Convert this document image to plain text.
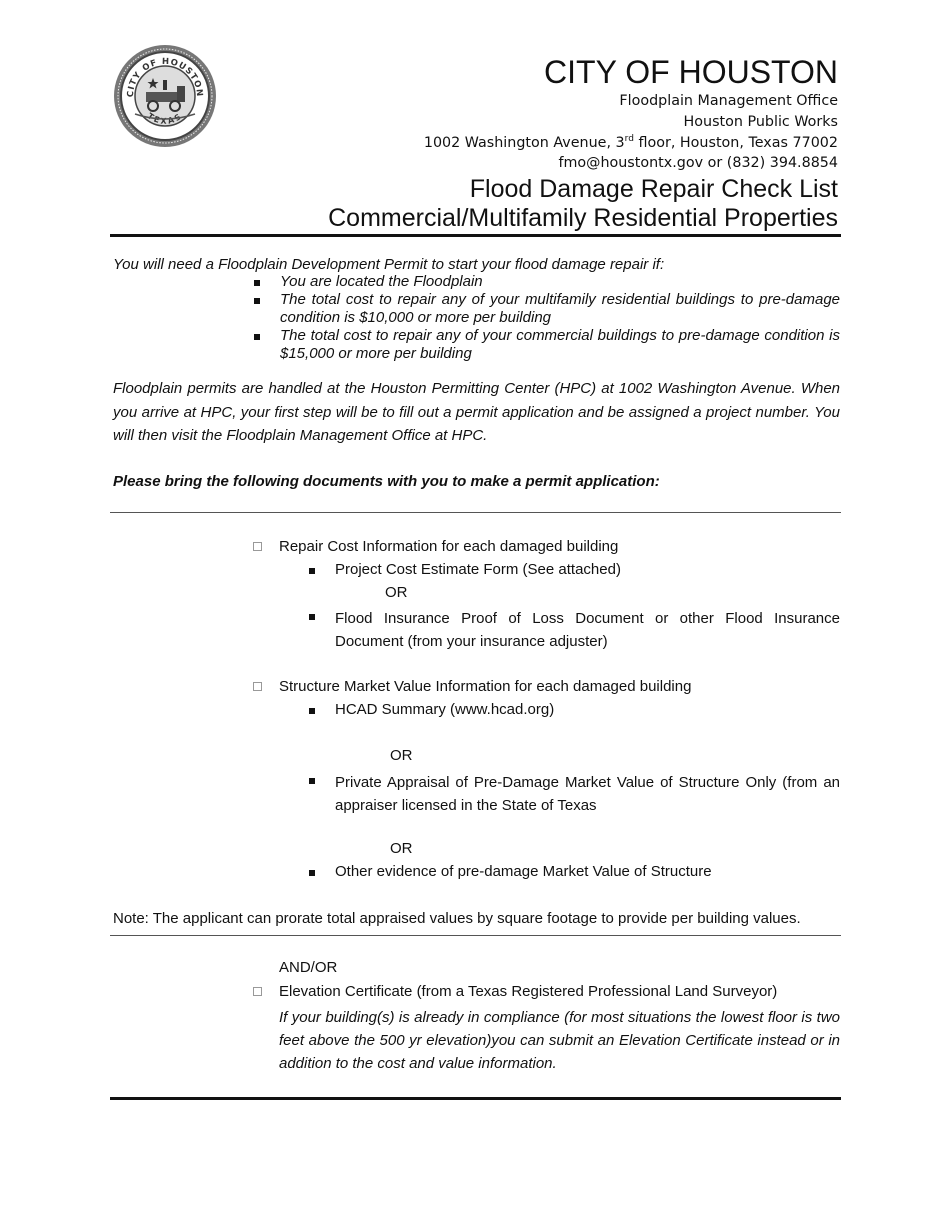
CITY OF HOUSTON
TEXAS
CITY OF HOUSTON
Floodplain Management Office
Houston Public Works
1002 Washington Avenue, 3rd floor, Houston, Texas 77002
fmo@houstontx.gov or (832) 394.8854
Flood Damage Repair Check List
Commercial/Multifamily Residential Properties
You will need a Floodplain Development Permit to start your flood damage repair if:
You are located the Floodplain
The total cost to repair any of your multifamily residential buildings to pre-damage condition is $10,000 or more per building
The total cost to repair any of your commercial buildings to pre-damage condition is $15,000 or more per building
Floodplain permits are handled at the Houston Permitting Center (HPC) at 1002 Washington Avenue. When you arrive at HPC, your first step will be to fill out a permit application and be assigned a project number. You will then visit the Floodplain Management Office at HPC.
Please bring the following documents with you to make a permit application:
Repair Cost Information for each damaged building
Project Cost Estimate Form (See attached)
OR
Flood Insurance Proof of Loss Document or other Flood Insurance Document (from your insurance adjuster)
Structure Market Value Information for each damaged building
HCAD Summary (www.hcad.org)
OR
Private Appraisal of Pre-Damage Market Value of Structure Only (from an appraiser licensed in the State of Texas
OR
Other evidence of pre-damage Market Value of Structure
Note: The applicant can prorate total appraised values by square footage to provide per building values.
AND/OR
Elevation Certificate (from a Texas Registered Professional Land Surveyor)
If your building(s) is already in compliance (for most situations the lowest floor is two feet above the 500 yr elevation)you can submit an Elevation Certificate instead or in addition to the cost and value information.
